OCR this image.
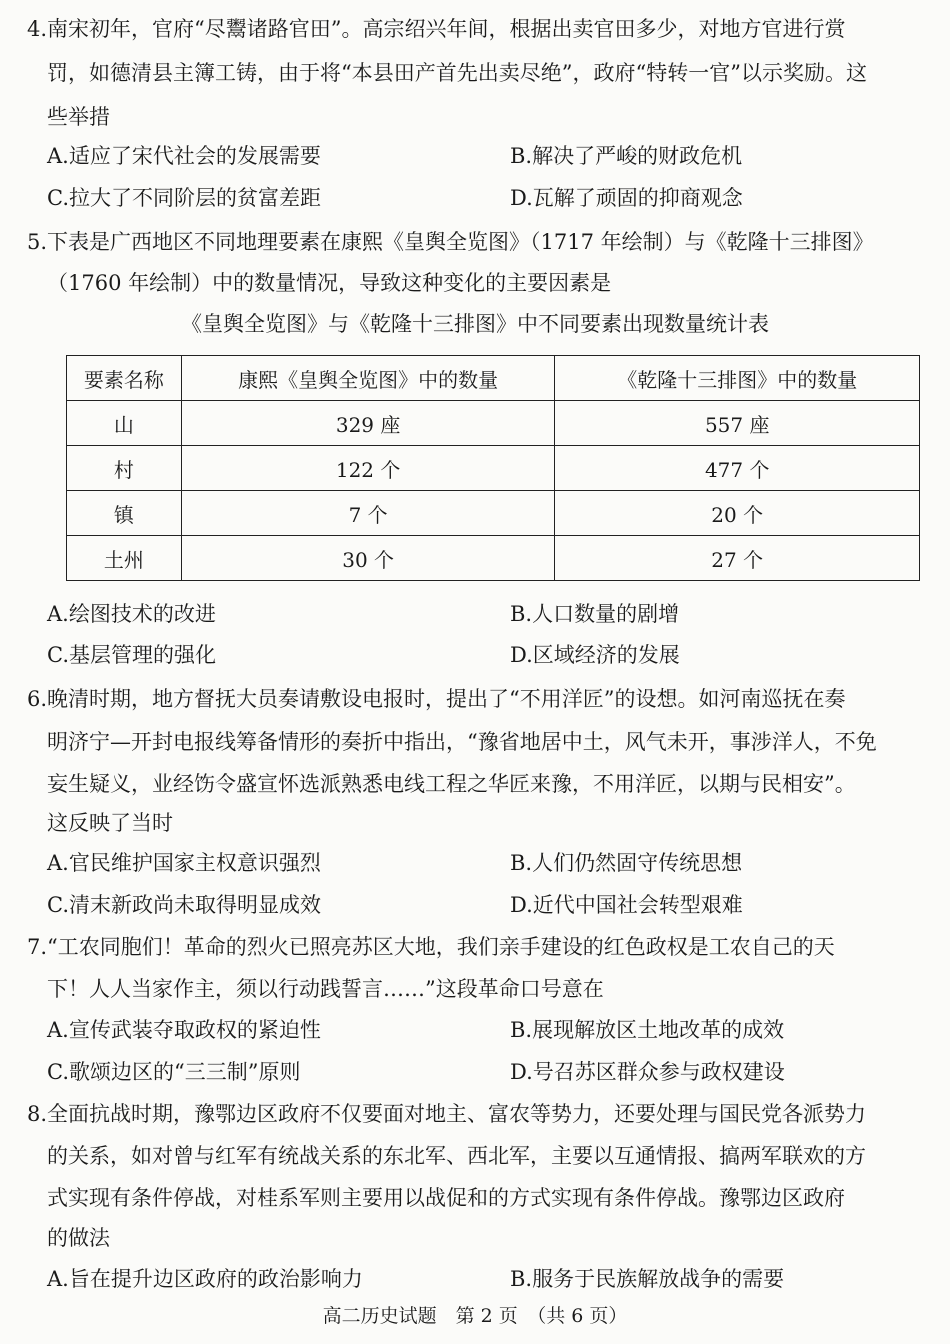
4.南宋初年，官府“尽鬻诸路官田”。高宗绍兴年间，根据出卖官田多少，对地方官进行赏
罚，如德清县主簿工铸，由于将“本县田产首先出卖尽绝”，政府“特转一官”以示奖励。这
些举措
A.适应了宋代社会的发展需要	B.解决了严峻的财政危机
C.拉大了不同阶层的贫富差距	D.瓦解了顽固的抑商观念
5.下表是广西地区不同地理要素在康熙《皇舆全览图》（1717 年绘制）与《乾隆十三排图》
（1760 年绘制）中的数量情况，导致这种变化的主要因素是
《皇舆全览图》与《乾隆十三排图》中不同要素出现数量统计表
要素名称	康熙《皇舆全览图》中的数量	《乾隆十三排图》中的数量
山	329 座	557 座
村	122 个	477 个
镇	7 个	20 个
土州	30 个	27 个
A.绘图技术的改进	B.人口数量的剧增
C.基层管理的强化	D.区域经济的发展
6.晚清时期，地方督抚大员奏请敷设电报时，提出了“不用洋匠”的设想。如河南巡抚在奏
明济宁—开封电报线筹备情形的奏折中指出，“豫省地居中土，风气未开，事涉洋人，不免
妄生疑义，业经饬令盛宣怀选派熟悉电线工程之华匠来豫，不用洋匠，以期与民相安”。
这反映了当时
A.官民维护国家主权意识强烈	B.人们仍然固守传统思想
C.清末新政尚未取得明显成效	D.近代中国社会转型艰难
7.“工农同胞们！革命的烈火已照亮苏区大地，我们亲手建设的红色政权是工农自己的天
下！人人当家作主，须以行动践誓言……”这段革命口号意在
A.宣传武装夺取政权的紧迫性	B.展现解放区土地改革的成效
C.歌颂边区的“三三制”原则	D.号召苏区群众参与政权建设
8.全面抗战时期，豫鄂边区政府不仅要面对地主、富农等势力，还要处理与国民党各派势力
的关系，如对曾与红军有统战关系的东北军、西北军，主要以互通情报、搞两军联欢的方
式实现有条件停战，对桂系军则主要用以战促和的方式实现有条件停战。豫鄂边区政府
的做法
A.旨在提升边区政府的政治影响力	B.服务于民族解放战争的需要
高二历史试题　第 2 页　（共 6 页）
